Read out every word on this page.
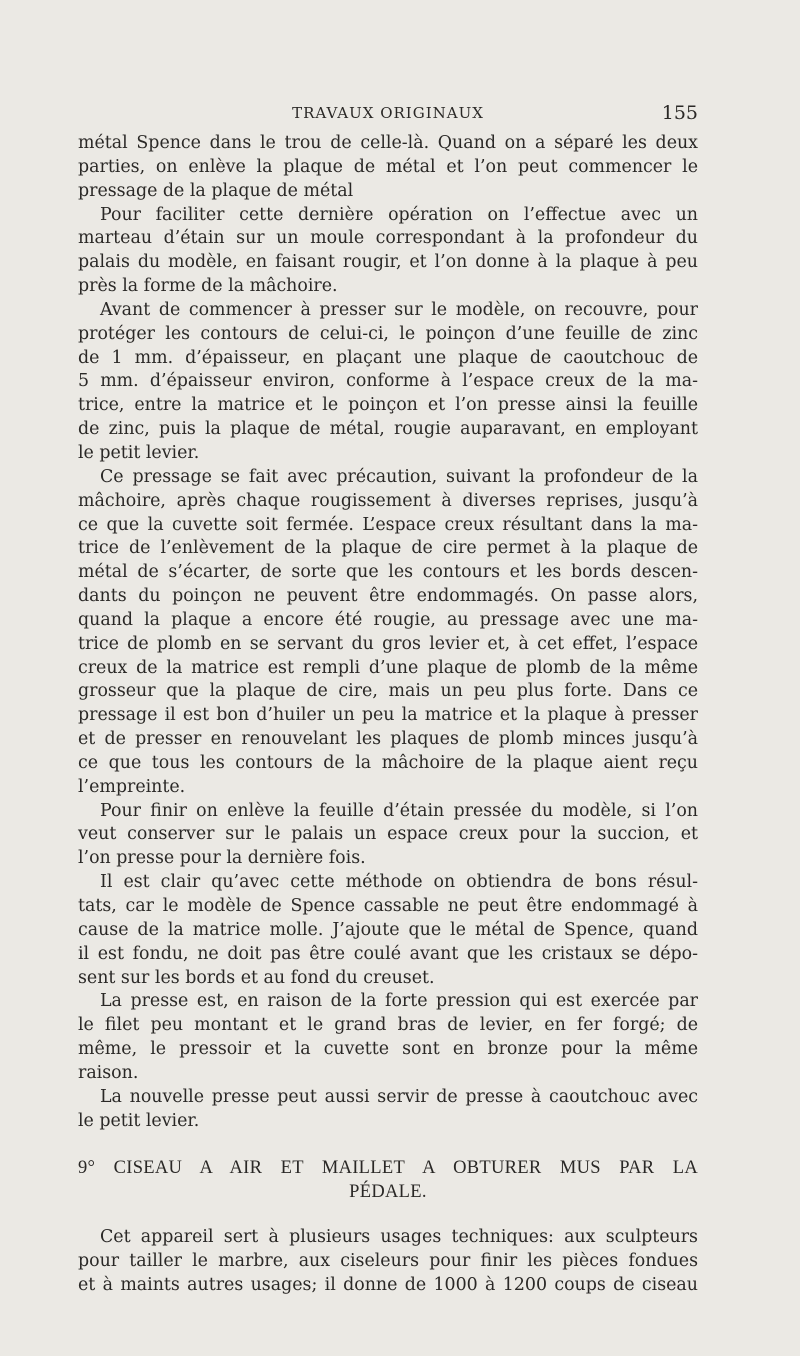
TRAVAUX ORIGINAUX	155
métal Spence dans le trou de celle-là. Quand on a séparé les deux
parties, on enlève la plaque de métal et l’on peut commencer le
pressage de la plaque de métal
Pour faciliter cette dernière opération on l’effectue avec un
marteau d’étain sur un moule correspondant à la profondeur du
palais du modèle, en faisant rougir, et l’on donne à la plaque à peu
près la forme de la mâchoire.
Avant de commencer à presser sur le modèle, on recouvre, pour
protéger les contours de celui-ci, le poinçon d’une feuille de zinc
de 1 mm. d’épaisseur, en plaçant une plaque de caoutchouc de
5 mm. d’épaisseur environ, conforme à l’espace creux de la ma-
trice, entre la matrice et le poinçon et l’on presse ainsi la feuille
de zinc, puis la plaque de métal, rougie auparavant, en employant
le petit levier.
Ce pressage se fait avec précaution, suivant la profondeur de la
mâchoire, après chaque rougissement à diverses reprises, jusqu’à
ce que la cuvette soit fermée. L’espace creux résultant dans la ma-
trice de l’enlèvement de la plaque de cire permet à la plaque de
métal de s’écarter, de sorte que les contours et les bords descen-
dants du poinçon ne peuvent être endommagés. On passe alors,
quand la plaque a encore été rougie, au pressage avec une ma-
trice de plomb en se servant du gros levier et, à cet effet, l’espace
creux de la matrice est rempli d’une plaque de plomb de la même
grosseur que la plaque de cire, mais un peu plus forte. Dans ce
pressage il est bon d’huiler un peu la matrice et la plaque à presser
et de presser en renouvelant les plaques de plomb minces jusqu’à
ce que tous les contours de la mâchoire de la plaque aient reçu
l’empreinte.
Pour finir on enlève la feuille d’étain pressée du modèle, si l’on
veut conserver sur le palais un espace creux pour la succion, et
l’on presse pour la dernière fois.
Il est clair qu’avec cette méthode on obtiendra de bons résul-
tats, car le modèle de Spence cassable ne peut être endommagé à
cause de la matrice molle. J’ajoute que le métal de Spence, quand
il est fondu, ne doit pas être coulé avant que les cristaux se dépo-
sent sur les bords et au fond du creuset.
La presse est, en raison de la forte pression qui est exercée par
le filet peu montant et le grand bras de levier, en fer forgé; de
même, le pressoir et la cuvette sont en bronze pour la même
raison.
La nouvelle presse peut aussi servir de presse à caoutchouc avec
le petit levier.
9° CISEAU A AIR ET MAILLET A OBTURER MUS PAR LA
PÉDALE.
Cet appareil sert à plusieurs usages techniques: aux sculpteurs
pour tailler le marbre, aux ciseleurs pour finir les pièces fondues
et à maints autres usages; il donne de 1000 à 1200 coups de ciseau
